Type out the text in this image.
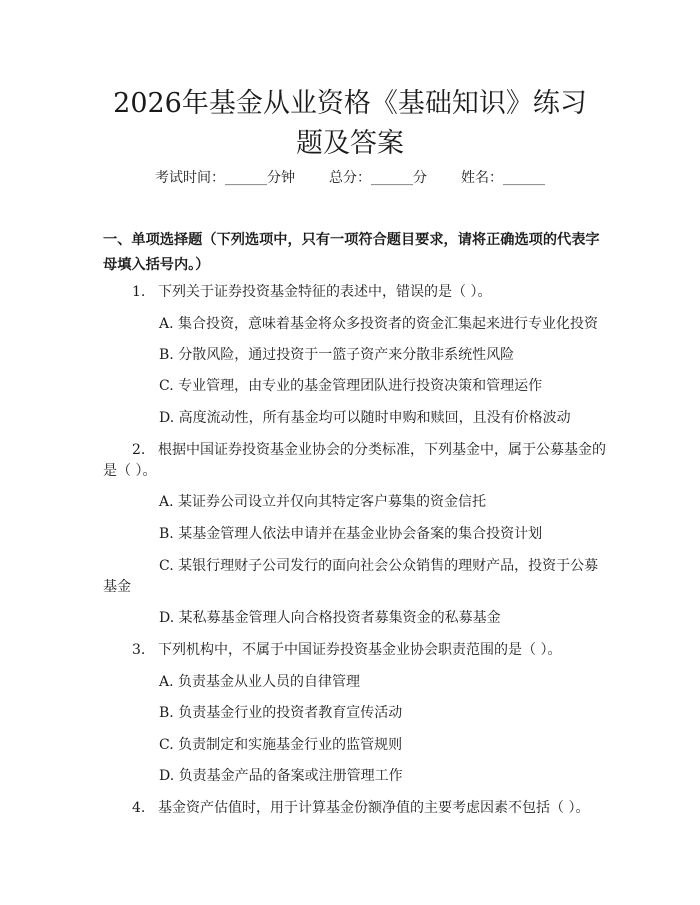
2026年基金从业资格《基础知识》练习题及答案
考试时间：______分钟 总分：______分 姓名：______

一、单项选择题（下列选项中，只有一项符合题目要求，请将正确选项的代表字母填入括号内。）

1. 下列关于证券投资基金特征的表述中，错误的是（ ）。
A. 集合投资，意味着基金将众多投资者的资金汇集起来进行专业化投资
B. 分散风险，通过投资于一篮子资产来分散非系统性风险
C. 专业管理，由专业的基金管理团队进行投资决策和管理运作
D. 高度流动性，所有基金均可以随时申购和赎回，且没有价格波动
2. 根据中国证券投资基金业协会的分类标准，下列基金中，属于公募基金的
是（ ）。
A. 某证券公司设立并仅向其特定客户募集的资金信托
B. 某基金管理人依法申请并在基金业协会备案的集合投资计划
C. 某银行理财子公司发行的面向社会公众销售的理财产品，投资于公募
基金
D. 某私募基金管理人向合格投资者募集资金的私募基金
3. 下列机构中，不属于中国证券投资基金业协会职责范围的是（ ）。
A. 负责基金从业人员的自律管理
B. 负责基金行业的投资者教育宣传活动
C. 负责制定和实施基金行业的监管规则
D. 负责基金产品的备案或注册管理工作
4. 基金资产估值时，用于计算基金份额净值的主要考虑因素不包括（ ）。
